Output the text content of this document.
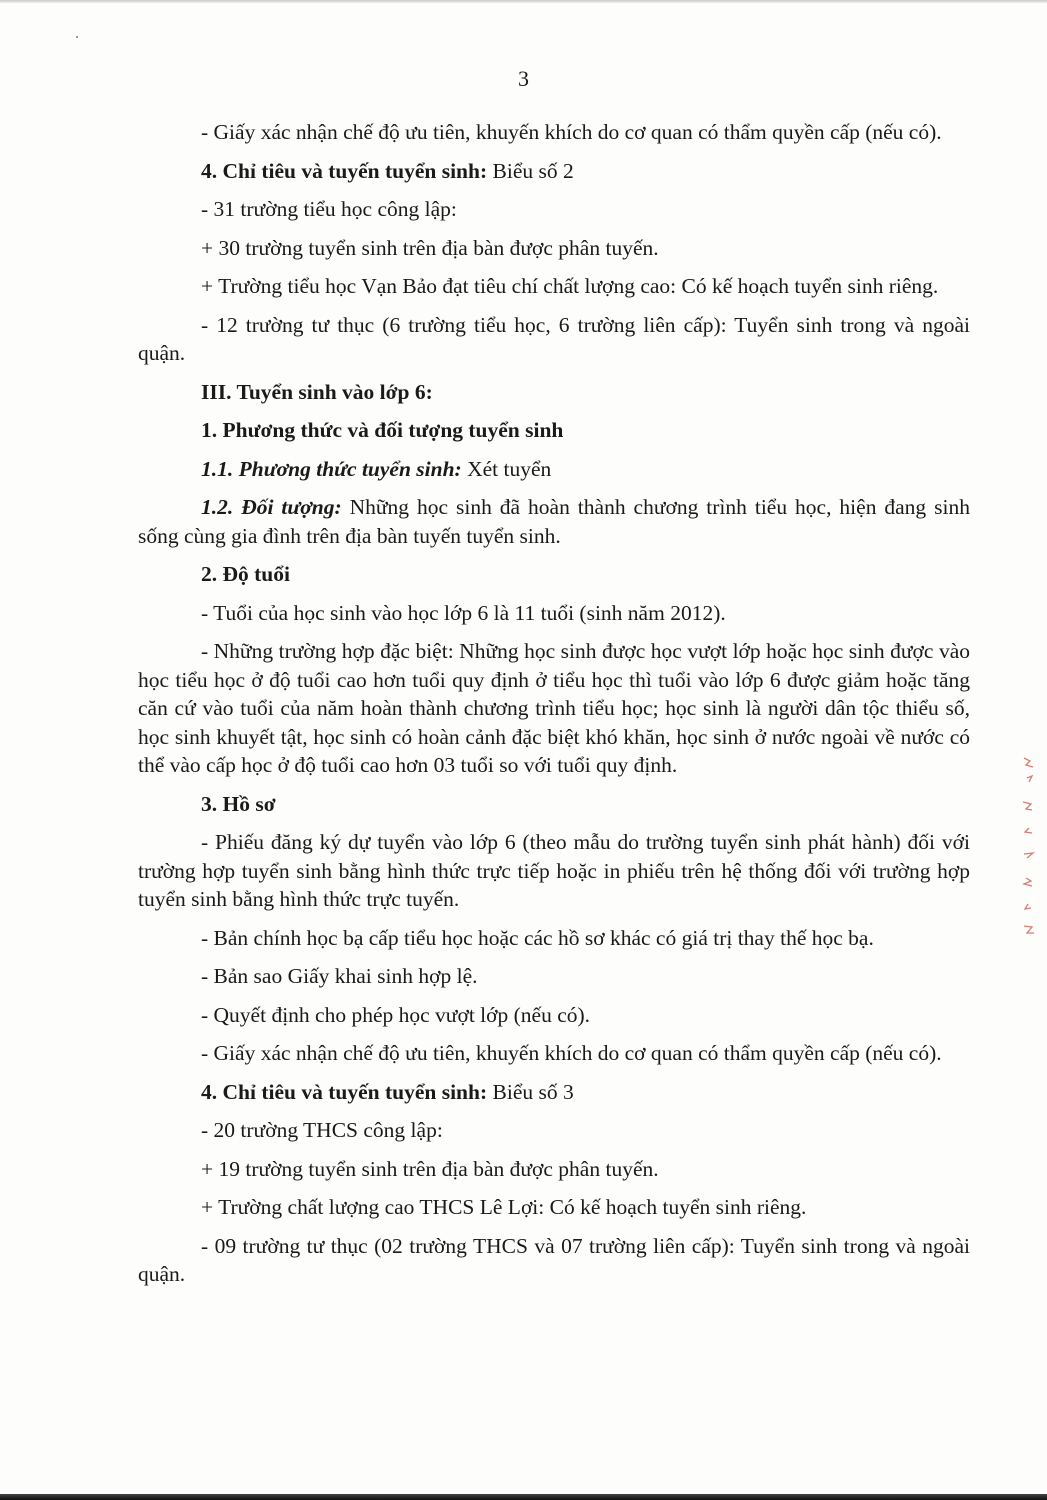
3

- Giấy xác nhận chế độ ưu tiên, khuyến khích do cơ quan có thẩm quyền cấp (nếu có).

4. Chỉ tiêu và tuyến tuyển sinh: Biểu số 2

- 31 trường tiểu học công lập:

+ 30 trường tuyển sinh trên địa bàn được phân tuyến.

+ Trường tiểu học Vạn Bảo đạt tiêu chí chất lượng cao: Có kế hoạch tuyển sinh riêng.

- 12 trường tư thục (6 trường tiểu học, 6 trường liên cấp): Tuyển sinh trong và ngoài quận.

III. Tuyển sinh vào lớp 6:

1. Phương thức và đối tượng tuyển sinh

1.1. Phương thức tuyển sinh: Xét tuyển

1.2. Đối tượng: Những học sinh đã hoàn thành chương trình tiểu học, hiện đang sinh sống cùng gia đình trên địa bàn tuyến tuyển sinh.

2. Độ tuổi

- Tuổi của học sinh vào học lớp 6 là 11 tuổi (sinh năm 2012).

- Những trường hợp đặc biệt: Những học sinh được học vượt lớp hoặc học sinh được vào học tiểu học ở độ tuổi cao hơn tuổi quy định ở tiểu học thì tuổi vào lớp 6 được giảm hoặc tăng căn cứ vào tuổi của năm hoàn thành chương trình tiểu học; học sinh là người dân tộc thiểu số, học sinh khuyết tật, học sinh có hoàn cảnh đặc biệt khó khăn, học sinh ở nước ngoài về nước có thể vào cấp học ở độ tuổi cao hơn 03 tuổi so với tuổi quy định.

3. Hồ sơ

- Phiếu đăng ký dự tuyển vào lớp 6 (theo mẫu do trường tuyển sinh phát hành) đối với trường hợp tuyển sinh bằng hình thức trực tiếp hoặc in phiếu trên hệ thống đối với trường hợp tuyển sinh bằng hình thức trực tuyến.

- Bản chính học bạ cấp tiểu học hoặc các hồ sơ khác có giá trị thay thế học bạ.

- Bản sao Giấy khai sinh hợp lệ.

- Quyết định cho phép học vượt lớp (nếu có).

- Giấy xác nhận chế độ ưu tiên, khuyến khích do cơ quan có thẩm quyền cấp (nếu có).

4. Chỉ tiêu và tuyến tuyển sinh: Biểu số 3

- 20 trường THCS công lập:

+ 19 trường tuyển sinh trên địa bàn được phân tuyến.

+ Trường chất lượng cao THCS Lê Lợi: Có kế hoạch tuyển sinh riêng.

- 09 trường tư thục (02 trường THCS và 07 trường liên cấp): Tuyển sinh trong và ngoài quận.
